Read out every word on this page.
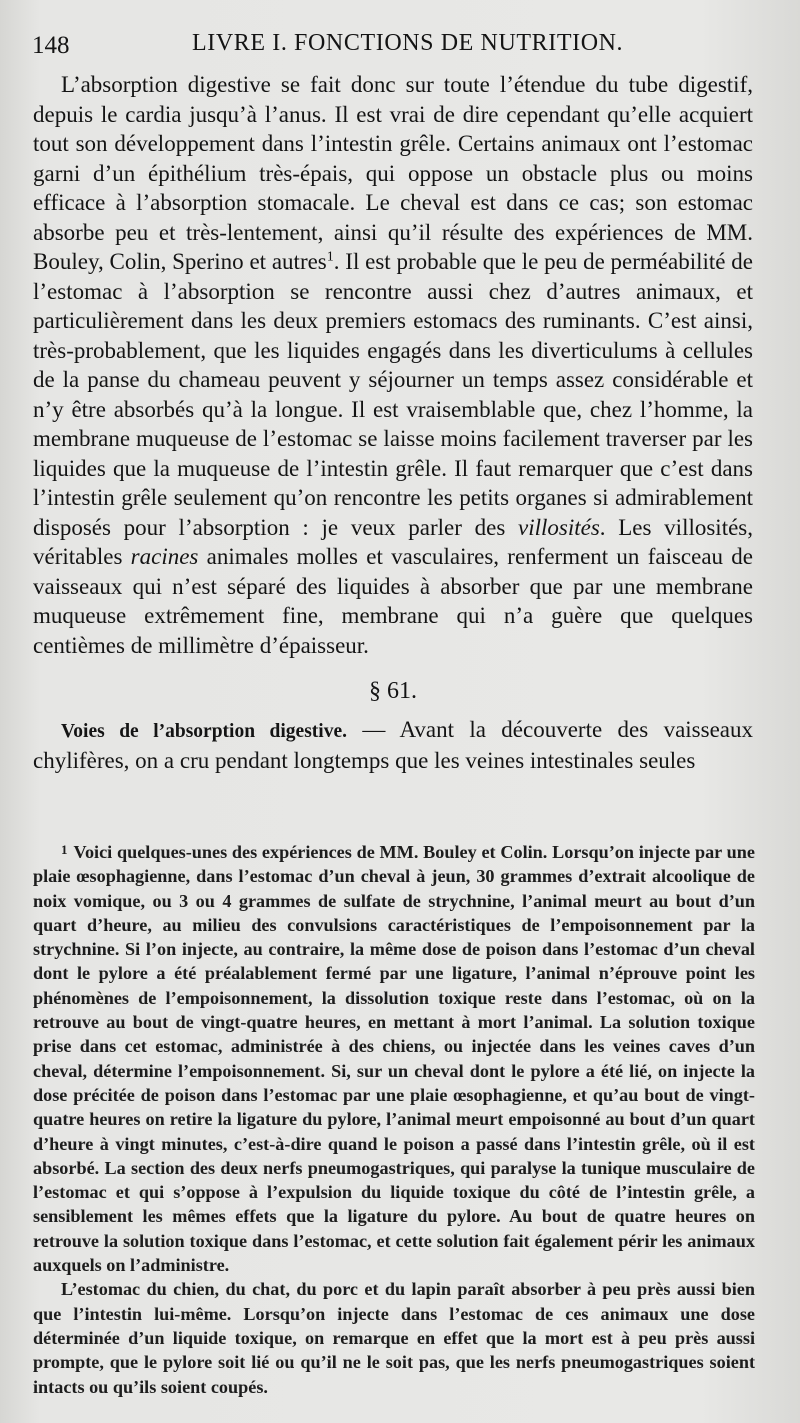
148	LIVRE I. FONCTIONS DE NUTRITION.

L’absorption digestive se fait donc sur toute l’étendue du tube digestif, depuis le cardia jusqu’à l’anus. Il est vrai de dire cependant qu’elle acquiert tout son développement dans l’intestin grêle. Certains animaux ont l’estomac garni d’un épithélium très-épais, qui oppose un obstacle plus ou moins efficace à l’absorption stomacale. Le cheval est dans ce cas; son estomac absorbe peu et très-lentement, ainsi qu’il résulte des expériences de MM. Bouley, Colin, Sperino et autres$^1$. Il est probable que le peu de perméabilité de l’estomac à l’absorption se rencontre aussi chez d’autres animaux, et particulièrement dans les deux premiers estomacs des ruminants. C’est ainsi, très-probablement, que les liquides engagés dans les diverticulums à cellules de la panse du chameau peuvent y séjourner un temps assez considérable et n’y être absorbés qu’à la longue. Il est vraisemblable que, chez l’homme, la membrane muqueuse de l’estomac se laisse moins facilement traverser par les liquides que la muqueuse de l’intestin grêle. Il faut remarquer que c’est dans l’intestin grêle seulement qu’on rencontre les petits organes si admirablement disposés pour l’absorption : je veux parler des villosités. Les villosités, véritables racines animales molles et vasculaires, renferment un faisceau de vaisseaux qui n’est séparé des liquides à absorber que par une membrane muqueuse extrêmement fine, membrane qui n’a guère que quelques centièmes de millimètre d’épaisseur.

§ 61.

Voies de l’absorption digestive. — Avant la découverte des vaisseaux chylifères, on a cru pendant longtemps que les veines intestinales seules

$^1$ Voici quelques-unes des expériences de MM. Bouley et Colin. Lorsqu’on injecte par une plaie œsophagienne, dans l’estomac d’un cheval à jeun, 30 grammes d’extrait alcoolique de noix vomique, ou 3 ou 4 grammes de sulfate de strychnine, l’animal meurt au bout d’un quart d’heure, au milieu des convulsions caractéristiques de l’empoisonnement par la strychnine. Si l’on injecte, au contraire, la même dose de poison dans l’estomac d’un cheval dont le pylore a été préalablement fermé par une ligature, l’animal n’éprouve point les phénomènes de l’empoisonnement, la dissolution toxique reste dans l’estomac, où on la retrouve au bout de vingt-quatre heures, en mettant à mort l’animal. La solution toxique prise dans cet estomac, administrée à des chiens, ou injectée dans les veines caves d’un cheval, détermine l’empoisonnement. Si, sur un cheval dont le pylore a été lié, on injecte la dose précitée de poison dans l’estomac par une plaie œsophagienne, et qu’au bout de vingt-quatre heures on retire la ligature du pylore, l’animal meurt empoisonné au bout d’un quart d’heure à vingt minutes, c’est-à-dire quand le poison a passé dans l’intestin grêle, où il est absorbé. La section des deux nerfs pneumogastriques, qui paralyse la tunique musculaire de l’estomac et qui s’oppose à l’expulsion du liquide toxique du côté de l’intestin grêle, a sensiblement les mêmes effets que la ligature du pylore. Au bout de quatre heures on retrouve la solution toxique dans l’estomac, et cette solution fait également périr les animaux auxquels on l’administre.

L’estomac du chien, du chat, du porc et du lapin paraît absorber à peu près aussi bien que l’intestin lui-même. Lorsqu’on injecte dans l’estomac de ces animaux une dose déterminée d’un liquide toxique, on remarque en effet que la mort est à peu près aussi prompte, que le pylore soit lié ou qu’il ne le soit pas, que les nerfs pneumogastriques soient intacts ou qu’ils soient coupés.
